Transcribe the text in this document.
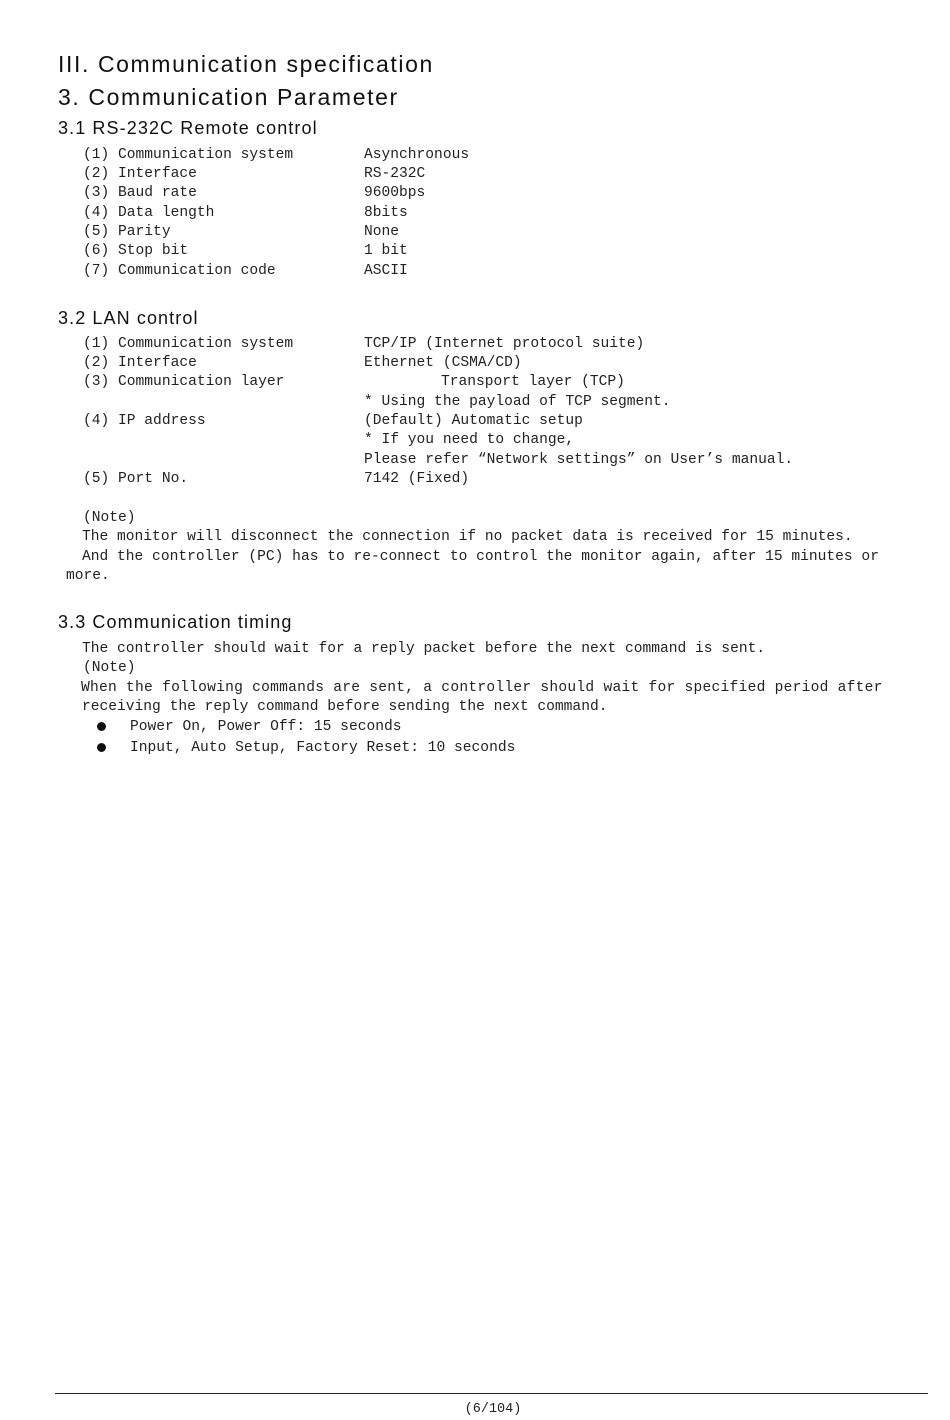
III. Communication specification
3. Communication Parameter
3.1 RS-232C Remote control
(1) Communication system	Asynchronous
(2) Interface	RS-232C
(3) Baud rate	9600bps
(4) Data length	8bits
(5) Parity	None
(6) Stop bit	1 bit
(7) Communication code	ASCII
3.2 LAN control
(1) Communication system	TCP/IP (Internet protocol suite)
(2) Interface	Ethernet (CSMA/CD)
(3) Communication layer	Transport layer (TCP)
* Using the payload of TCP segment.
(4) IP address	(Default) Automatic setup
* If you need to change,
Please refer “Network settings” on User’s manual.
(5) Port No.	7142 (Fixed)
(Note)
The monitor will disconnect the connection if no packet data is received for 15 minutes.
And the controller (PC) has to re-connect to control the monitor again, after 15 minutes or
more.
3.3 Communication timing
The controller should wait for a reply packet before the next command is sent.
(Note)
When the following commands are sent, a controller should wait for specified period after
receiving the reply command before sending the next command.
Power On, Power Off: 15 seconds
Input, Auto Setup, Factory Reset: 10 seconds
(6/104)
